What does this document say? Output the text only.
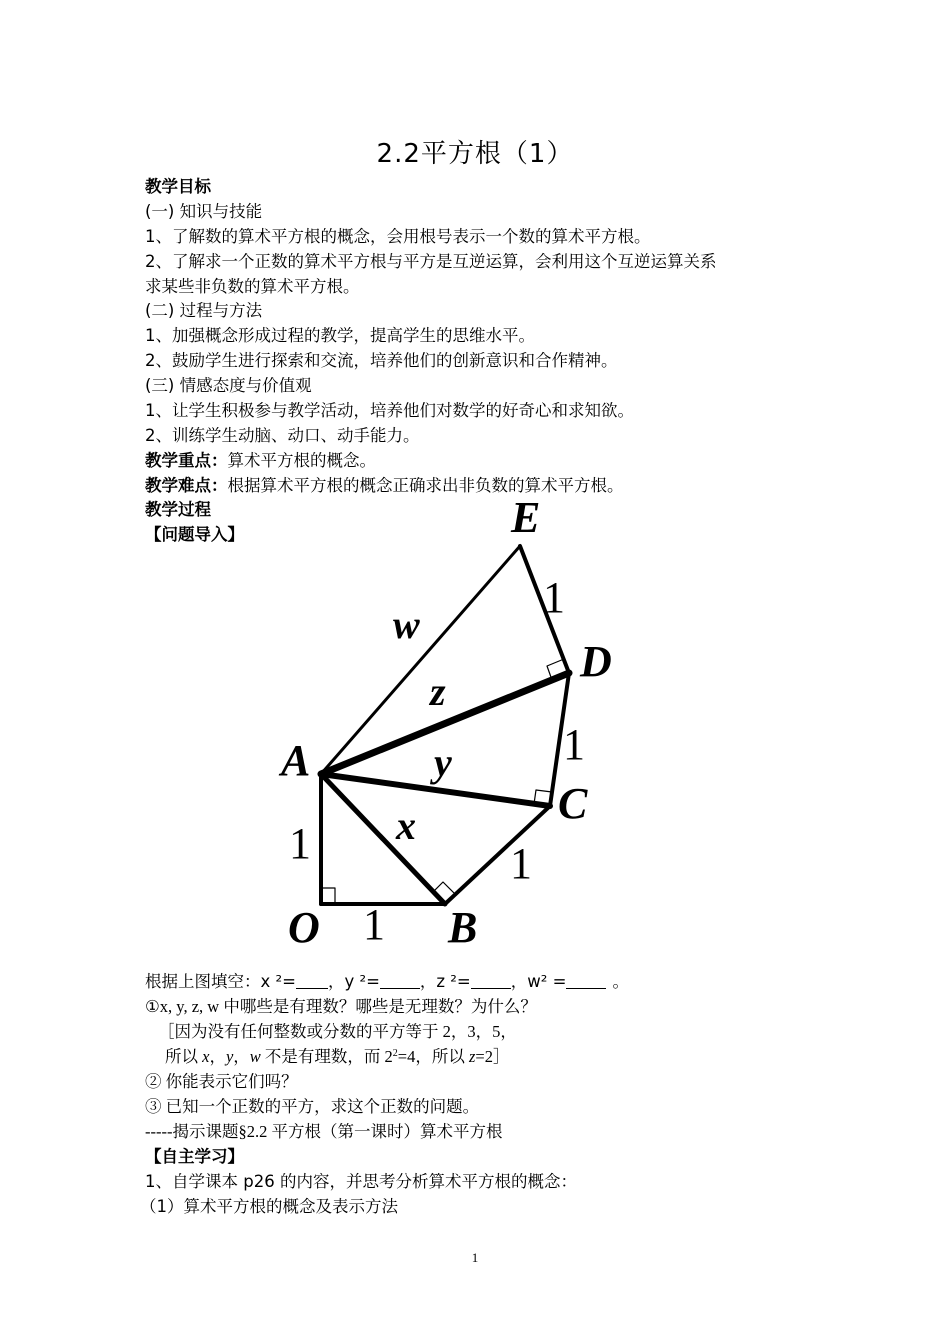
2.2平方根（1）
教学目标
(一) 知识与技能
1、了解数的算术平方根的概念，会用根号表示一个数的算术平方根。
2、了解求一个正数的算术平方根与平方是互逆运算，会利用这个互逆运算关系
求某些非负数的算术平方根。
(二) 过程与方法
1、加强概念形成过程的教学，提高学生的思维水平。
2、鼓励学生进行探索和交流，培养他们的创新意识和合作精神。
(三) 情感态度与价值观
1、让学生积极参与教学活动，培养他们对数学的好奇心和求知欲。
2、训练学生动脑、动口、动手能力。
教学重点：算术平方根的概念。
教学难点：根据算术平方根的概念正确求出非负数的算术平方根。
教学过程
【问题导入】	E
D
A
C
O	B
w
z
y
x
1
1
1	1
1
根据上图填空：x ²= ，y ²= ，z ²= ，w² =	。
①x, y, z, w 中哪些是有理数？哪些是无理数？为什么？
［因为没有任何整数或分数的平方等于 2，3，5，
所以 x，y，w 不是有理数，而 $2^2=4$，所以 z=2］
② 你能表示它们吗？
③ 已知一个正数的平方，求这个正数的问题。
-----揭示课题§2.2 平方根（第一课时）算术平方根
【自主学习】
1、自学课本 p26 的内容，并思考分析算术平方根的概念：
（1）算术平方根的概念及表示方法
1
